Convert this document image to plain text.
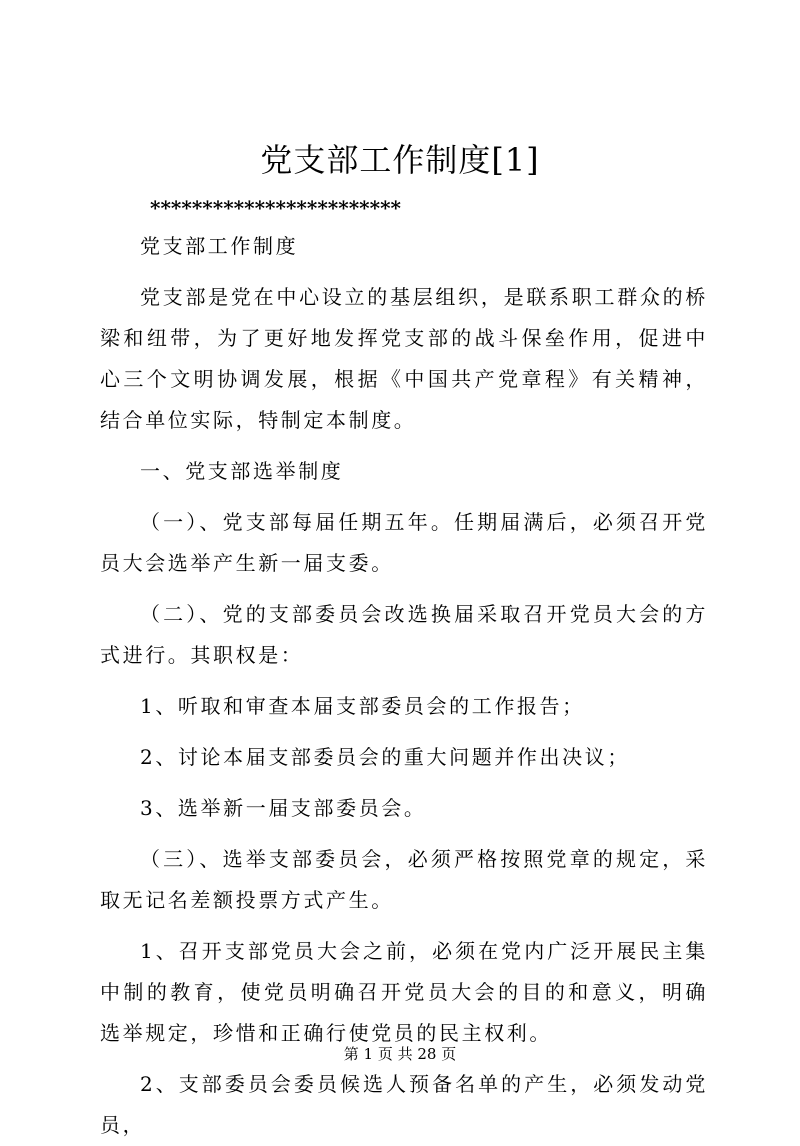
党支部工作制度[1]
************************

党支部工作制度

党支部是党在中心设立的基层组织，是联系职工群众的桥梁和纽带，为了更好地发挥党支部的战斗保垒作用，促进中心三个文明协调发展，根据《中国共产党章程》有关精神，结合单位实际，特制定本制度。

一、党支部选举制度

（一）、党支部每届任期五年。任期届满后，必须召开党员大会选举产生新一届支委。

（二）、党的支部委员会改选换届采取召开党员大会的方式进行。其职权是：

1、听取和审查本届支部委员会的工作报告；

2、讨论本届支部委员会的重大问题并作出决议；

3、选举新一届支部委员会。

（三）、选举支部委员会，必须严格按照党章的规定，采取无记名差额投票方式产生。

1、召开支部党员大会之前，必须在党内广泛开展民主集中制的教育，使党员明确召开党员大会的目的和意义，明确选举规定，珍惜和正确行使党员的民主权利。

2、支部委员会委员候选人预备名单的产生，必须发动党员，

第 1 页 共 28 页
